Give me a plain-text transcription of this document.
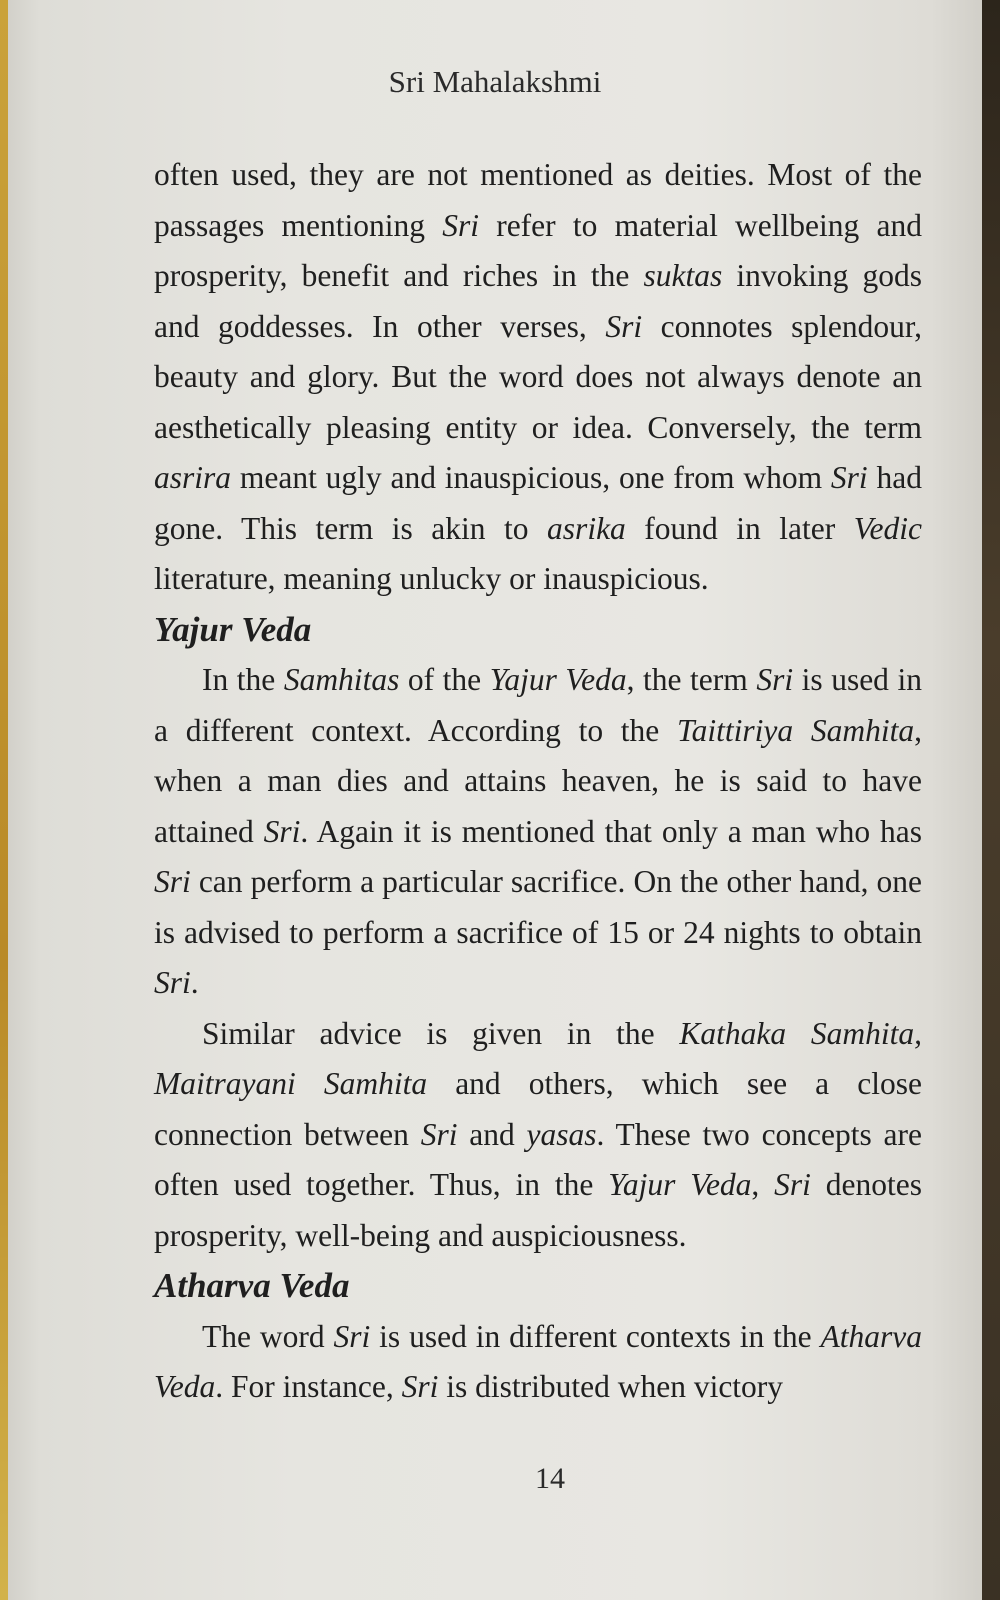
Sri Mahalakshmi

often used, they are not mentioned as deities. Most of the passages mentioning Sri refer to material wellbeing and prosperity, benefit and riches in the suktas invoking gods and goddesses. In other verses, Sri connotes splendour, beauty and glory. But the word does not always denote an aesthetically pleasing entity or idea. Conversely, the term asrira meant ugly and inauspicious, one from whom Sri had gone. This term is akin to asrika found in later Vedic literature, meaning unlucky or inauspicious.

Yajur Veda

In the Samhitas of the Yajur Veda, the term Sri is used in a different context. According to the Taittiriya Samhita, when a man dies and attains heaven, he is said to have attained Sri. Again it is mentioned that only a man who has Sri can perform a particular sacrifice. On the other hand, one is advised to perform a sacrifice of 15 or 24 nights to obtain Sri.

Similar advice is given in the Kathaka Samhita, Maitrayani Samhita and others, which see a close connection between Sri and yasas. These two concepts are often used together. Thus, in the Yajur Veda, Sri denotes prosperity, well-being and auspiciousness.

Atharva Veda

The word Sri is used in different contexts in the Atharva Veda. For instance, Sri is distributed when victory

14
